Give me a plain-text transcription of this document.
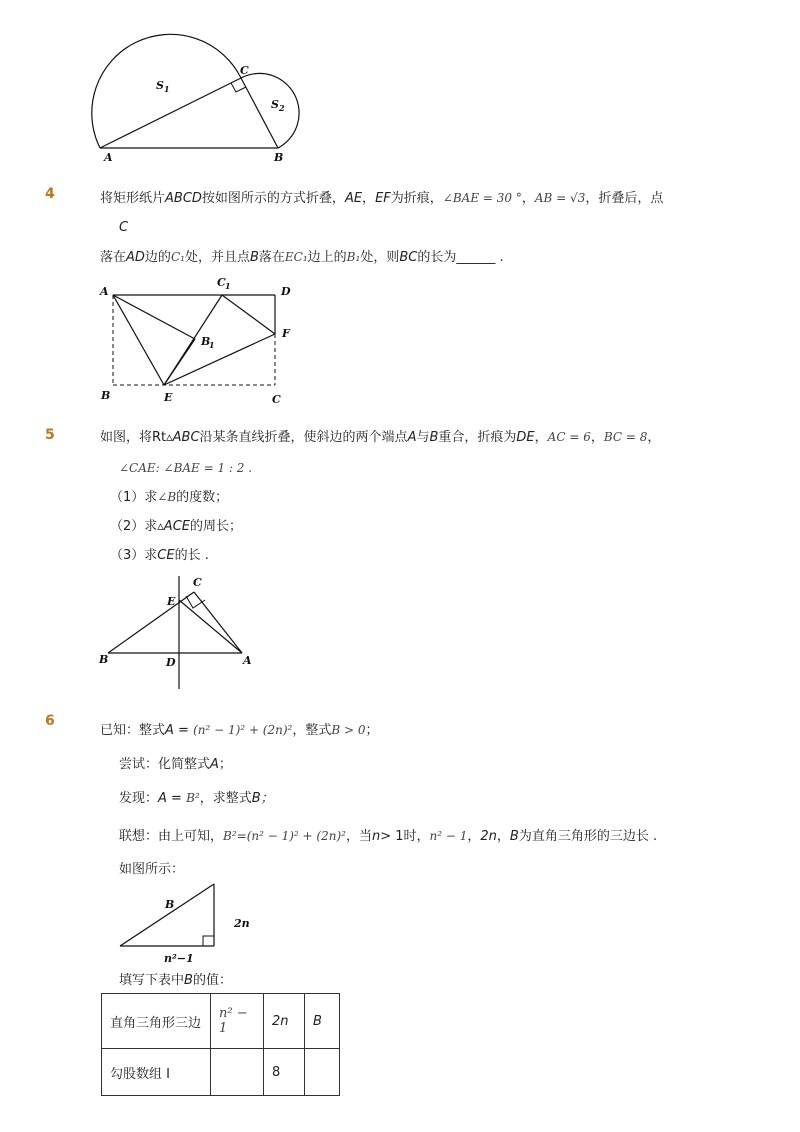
S 1
S 2
A	B
C
4	将矩形纸片ABCD按如图所示的方式折叠，AE，EF为折痕，∠BAE = 30 °，AB = √3，折叠后，点
C
落在AD边的C₁处，并且点B落在EC₁边上的B₁处，则BC的长为______ .
A
C 1	D
F
B
1
B	E	C
5	如图，将Rt▵ABC沿某条直线折叠，使斜边的两个端点A与B重合，折痕为DE，AC = 6，BC = 8，
∠CAE: ∠BAE = 1 : 2 .
（1）求∠B的度数；
（2）求▵ACE的周长；
（3）求CE的长 .
C
E
B	D	A
6
已知：整式A = (n² − 1)² + (2n)²，整式B > 0；
尝试：化简整式A；
发现：A = B²，求整式B；
联想：由上可知，B²=(n² − 1)² + (2n)²，当n> 1时，n² − 1，2n，B为直角三角形的三边长 .
如图所示：
B
2n
n²−1
填写下表中B的值：
直角三角形三边	n² − 1	2n	B
勾股数组 I		8	
